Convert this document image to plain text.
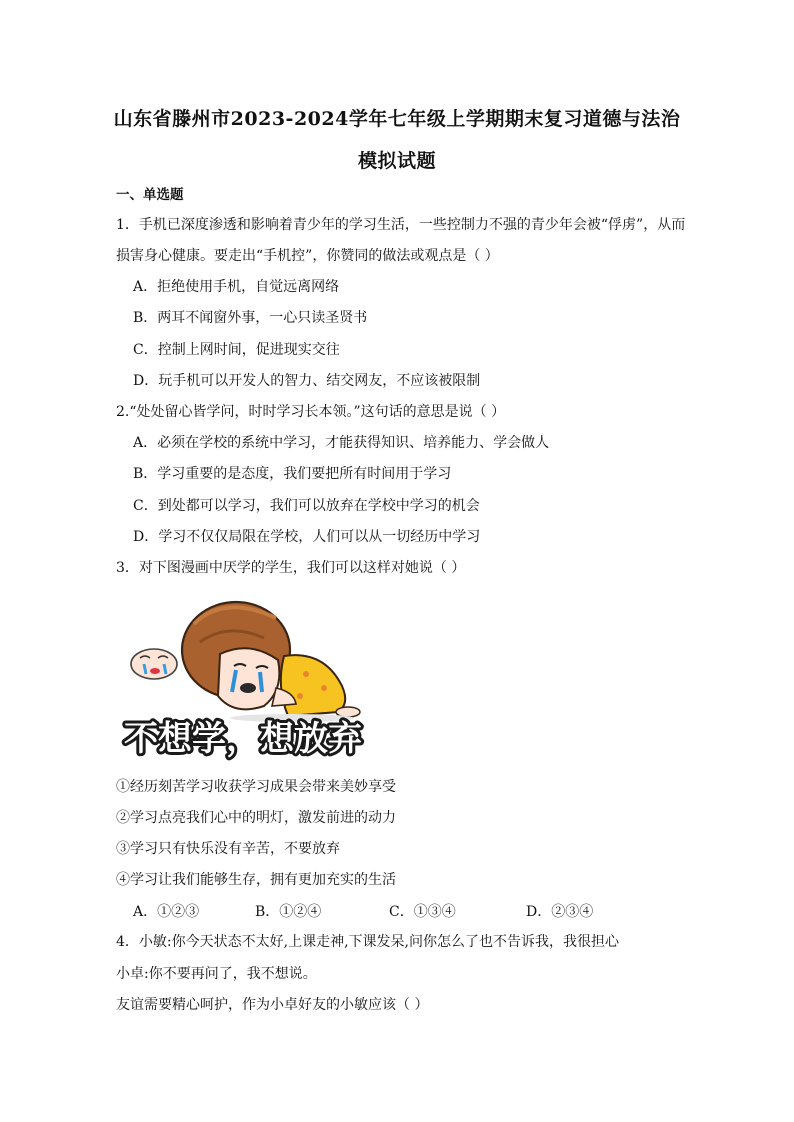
山东省滕州市2023-2024学年七年级上学期期末复习道德与法治
模拟试题
一、单选题
1．手机已深度渗透和影响着青少年的学习生活，一些控制力不强的青少年会被“俘虏”，从而
损害身心健康。要走出“手机控”，你赞同的做法或观点是（ ）
A．拒绝使用手机，自觉远离网络
B．两耳不闻窗外事，一心只读圣贤书
C．控制上网时间，促进现实交往
D．玩手机可以开发人的智力、结交网友，不应该被限制
2.“处处留心皆学问，时时学习长本领。”这句话的意思是说（ ）
A．必须在学校的系统中学习，才能获得知识、培养能力、学会做人
B．学习重要的是态度，我们要把所有时间用于学习
C．到处都可以学习，我们可以放弃在学校中学习的机会
D．学习不仅仅局限在学校，人们可以从一切经历中学习
3．对下图漫画中厌学的学生，我们可以这样对她说（ ）
不想学，想放弃
①经历刻苦学习收获学习成果会带来美妙享受
②学习点亮我们心中的明灯，激发前进的动力
③学习只有快乐没有辛苦，不要放弃
④学习让我们能够生存，拥有更加充实的生活
A．①②③	B．①②④	C．①③④	D．②③④
4．小敏:你今天状态不太好,上课走神,下课发呆,问你怎么了也不告诉我，我很担心
小卓:你不要再问了，我不想说。
友谊需要精心呵护，作为小卓好友的小敏应该（ ）
